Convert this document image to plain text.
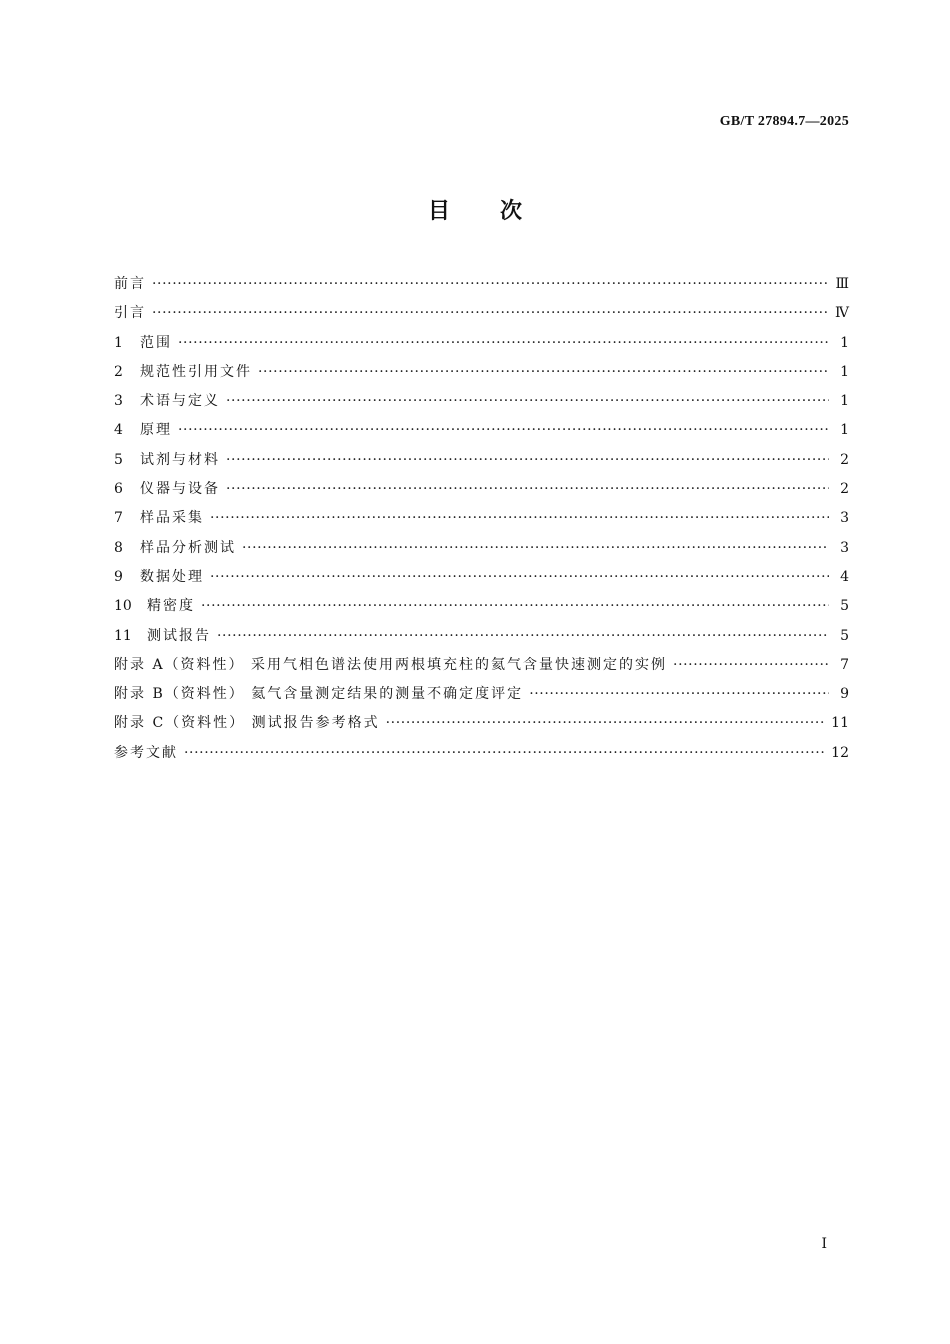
GB/T 27894.7—2025
目次
前言 ·····	Ⅲ
引言 ·····	Ⅳ
1	范围 ·····	1
2	规范性引用文件 ·····	1
3	术语与定义 ·····	1
4	原理 ·····	1
5	试剂与材料 ·····	2
6	仪器与设备 ·····	2
7	样品采集 ·····	3
8	样品分析测试 ·····	3
9	数据处理 ·····	4
10	精密度 ·····	5
11	测试报告 ·····	5
附录 A（资料性） 采用气相色谱法使用两根填充柱的氦气含量快速测定的实例 ·····	7
附录 B（资料性） 氦气含量测定结果的测量不确定度评定 ·····	9
附录 C（资料性） 测试报告参考格式 ·····	11
参考文献 ·····	12
Ⅰ
